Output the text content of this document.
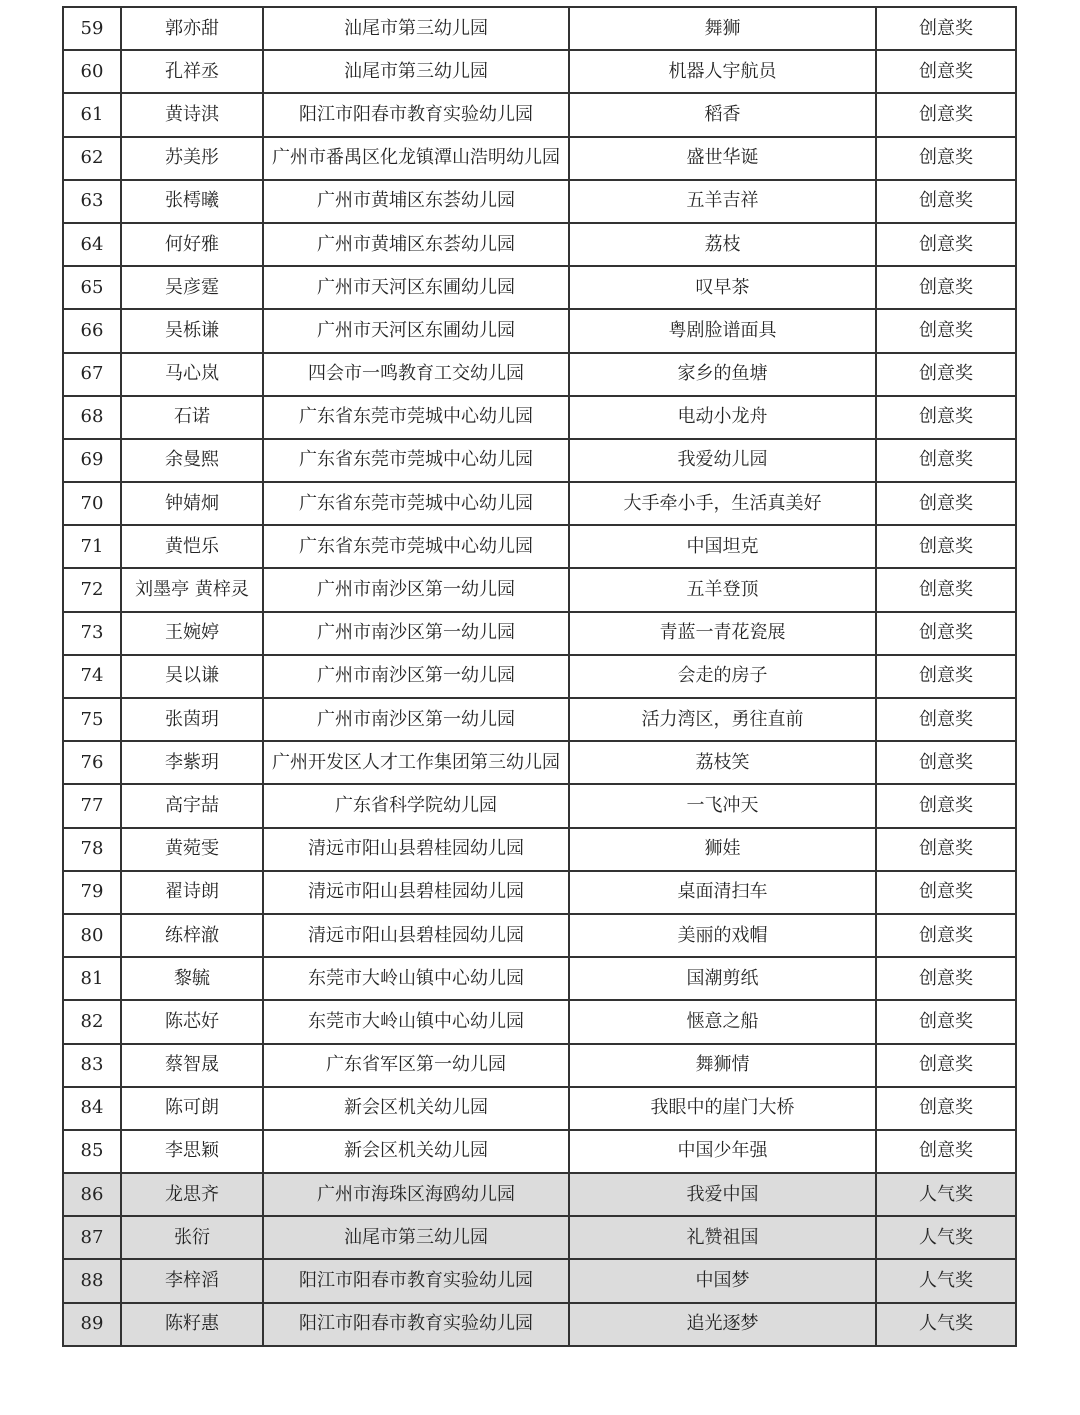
59	郭亦甜	汕尾市第三幼儿园	舞狮	创意奖
60	孔祥丞	汕尾市第三幼儿园	机器人宇航员	创意奖
61	黄诗淇	阳江市阳春市教育实验幼儿园	稻香	创意奖
62	苏美彤	广州市番禺区化龙镇潭山浩明幼儿园	盛世华诞	创意奖
63	张樗曦	广州市黄埔区东荟幼儿园	五羊吉祥	创意奖
64	何好雅	广州市黄埔区东荟幼儿园	荔枝	创意奖
65	吴彦霆	广州市天河区东圃幼儿园	叹早茶	创意奖
66	吴栎谦	广州市天河区东圃幼儿园	粤剧脸谱面具	创意奖
67	马心岚	四会市一鸣教育工交幼儿园	家乡的鱼塘	创意奖
68	石诺	广东省东莞市莞城中心幼儿园	电动小龙舟	创意奖
69	余曼熙	广东省东莞市莞城中心幼儿园	我爱幼儿园	创意奖
70	钟婧炯	广东省东莞市莞城中心幼儿园	大手牵小手，生活真美好	创意奖
71	黄恺乐	广东省东莞市莞城中心幼儿园	中国坦克	创意奖
72	刘墨亭 黄梓灵	广州市南沙区第一幼儿园	五羊登顶	创意奖
73	王婉婷	广州市南沙区第一幼儿园	青蓝一青花瓷展	创意奖
74	吴以谦	广州市南沙区第一幼儿园	会走的房子	创意奖
75	张茵玥	广州市南沙区第一幼儿园	活力湾区，勇往直前	创意奖
76	李紫玥	广州开发区人才工作集团第三幼儿园	荔枝笑	创意奖
77	高宇喆	广东省科学院幼儿园	一飞冲天	创意奖
78	黄菀雯	清远市阳山县碧桂园幼儿园	狮娃	创意奖
79	翟诗朗	清远市阳山县碧桂园幼儿园	桌面清扫车	创意奖
80	练梓澈	清远市阳山县碧桂园幼儿园	美丽的戏帽	创意奖
81	黎毓	东莞市大岭山镇中心幼儿园	国潮剪纸	创意奖
82	陈芯好	东莞市大岭山镇中心幼儿园	惬意之船	创意奖
83	蔡智晟	广东省军区第一幼儿园	舞狮情	创意奖
84	陈可朗	新会区机关幼儿园	我眼中的崖门大桥	创意奖
85	李思颖	新会区机关幼儿园	中国少年强	创意奖
86	龙思齐	广州市海珠区海鸥幼儿园	我爱中国	人气奖
87	张衍	汕尾市第三幼儿园	礼赞祖国	人气奖
88	李梓滔	阳江市阳春市教育实验幼儿园	中国梦	人气奖
89	陈籽惠	阳江市阳春市教育实验幼儿园	追光逐梦	人气奖
